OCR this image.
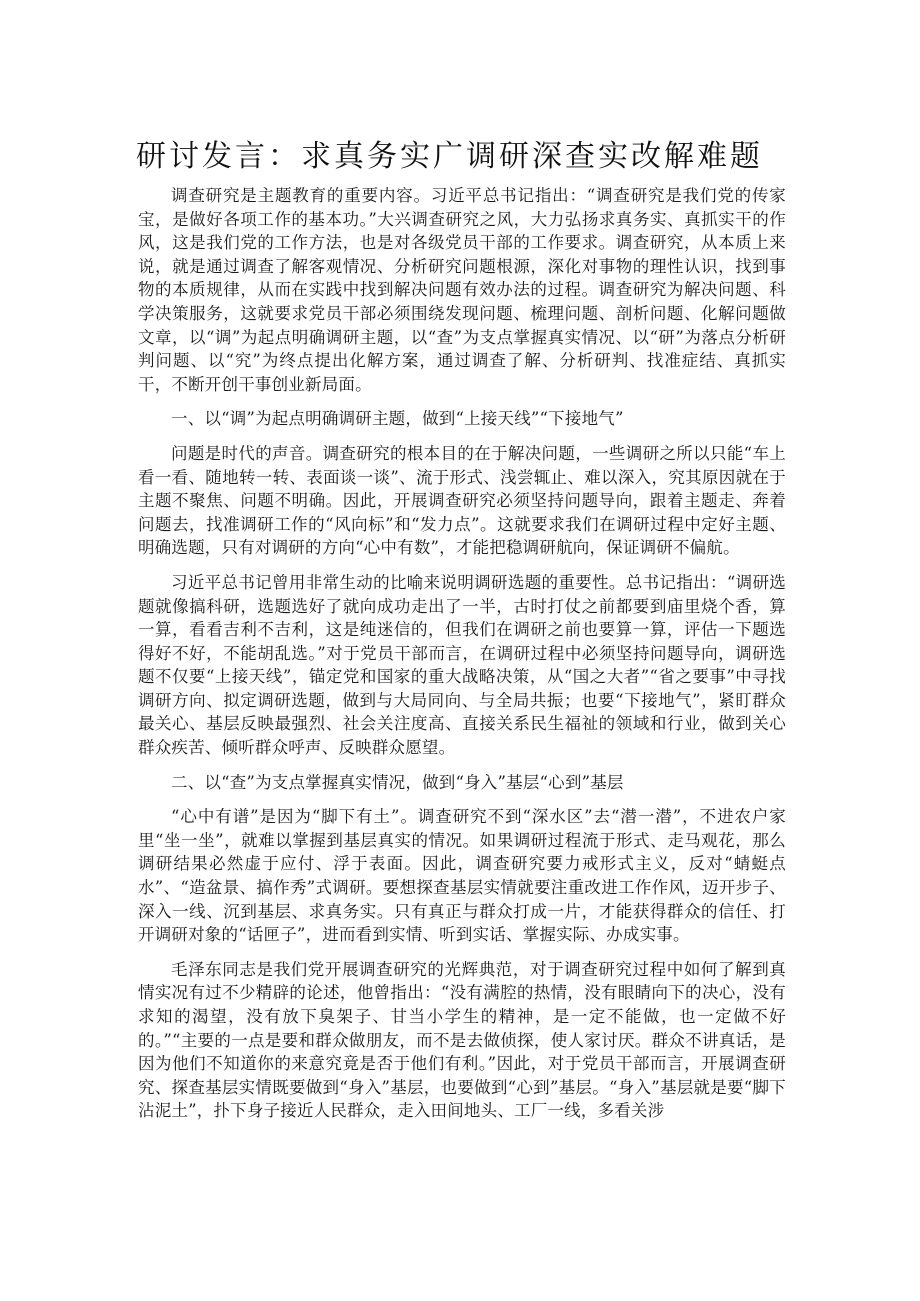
研讨发言：求真务实广调研深查实改解难题

调查研究是主题教育的重要内容。习近平总书记指出：“调查研究是我们党的传家宝，是做好各项工作的基本功。”大兴调查研究之风，大力弘扬求真务实、真抓实干的作风，这是我们党的工作方法，也是对各级党员干部的工作要求。调查研究，从本质上来说，就是通过调查了解客观情况、分析研究问题根源，深化对事物的理性认识，找到事物的本质规律，从而在实践中找到解决问题有效办法的过程。调查研究为解决问题、科学决策服务，这就要求党员干部必须围绕发现问题、梳理问题、剖析问题、化解问题做文章，以“调”为起点明确调研主题，以“查”为支点掌握真实情况、以“研”为落点分析研判问题、以“究”为终点提出化解方案，通过调查了解、分析研判、找准症结、真抓实干，不断开创干事创业新局面。

一、以“调”为起点明确调研主题，做到“上接天线”“下接地气”

问题是时代的声音。调查研究的根本目的在于解决问题，一些调研之所以只能“车上看一看、随地转一转、表面谈一谈”、流于形式、浅尝辄止、难以深入，究其原因就在于主题不聚焦、问题不明确。因此，开展调查研究必须坚持问题导向，跟着主题走、奔着问题去，找准调研工作的“风向标”和“发力点”。这就要求我们在调研过程中定好主题、明确选题，只有对调研的方向“心中有数”，才能把稳调研航向，保证调研不偏航。

习近平总书记曾用非常生动的比喻来说明调研选题的重要性。总书记指出：“调研选题就像搞科研，选题选好了就向成功走出了一半，古时打仗之前都要到庙里烧个香，算一算，看看吉利不吉利，这是纯迷信的，但我们在调研之前也要算一算，评估一下题选得好不好，不能胡乱选。”对于党员干部而言，在调研过程中必须坚持问题导向，调研选题不仅要“上接天线”，锚定党和国家的重大战略决策，从“国之大者”“省之要事”中寻找调研方向、拟定调研选题，做到与大局同向、与全局共振；也要“下接地气”，紧盯群众最关心、基层反映最强烈、社会关注度高、直接关系民生福祉的领域和行业，做到关心群众疾苦、倾听群众呼声、反映群众愿望。

二、以“查”为支点掌握真实情况，做到“身入”基层“心到”基层

“心中有谱”是因为“脚下有土”。调查研究不到“深水区”去“潜一潜”，不进农户家里“坐一坐”，就难以掌握到基层真实的情况。如果调研过程流于形式、走马观花，那么调研结果必然虚于应付、浮于表面。因此，调查研究要力戒形式主义，反对“蜻蜓点水”、“造盆景、搞作秀”式调研。要想探查基层实情就要注重改进工作作风，迈开步子、深入一线、沉到基层、求真务实。只有真正与群众打成一片，才能获得群众的信任、打开调研对象的“话匣子”，进而看到实情、听到实话、掌握实际、办成实事。

毛泽东同志是我们党开展调查研究的光辉典范，对于调查研究过程中如何了解到真情实况有过不少精辟的论述，他曾指出：“没有满腔的热情，没有眼睛向下的决心，没有求知的渴望，没有放下臭架子、甘当小学生的精神，是一定不能做，也一定做不好的。”“主要的一点是要和群众做朋友，而不是去做侦探，使人家讨厌。群众不讲真话，是因为他们不知道你的来意究竟是否于他们有利。”因此，对于党员干部而言，开展调查研究、探查基层实情既要做到“身入”基层，也要做到“心到”基层。“身入”基层就是要“脚下沾泥土”，扑下身子接近人民群众，走入田间地头、工厂一线，多看关涉
